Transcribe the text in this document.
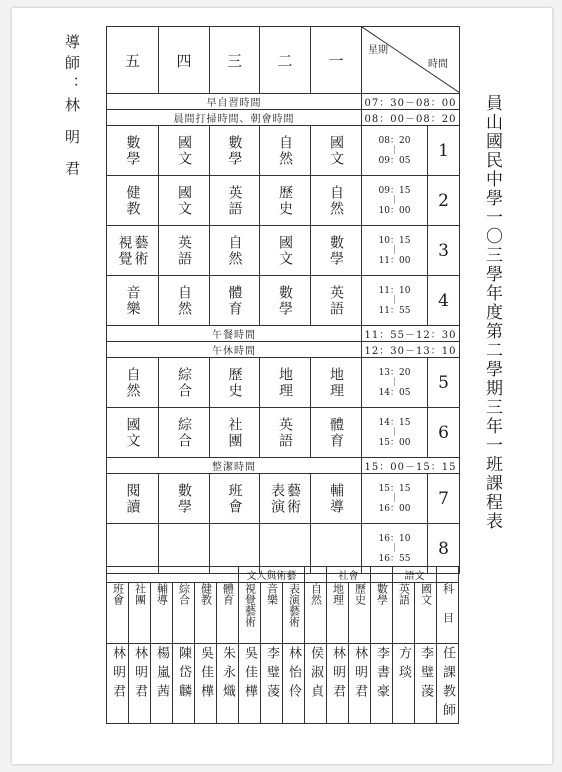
導師：林 明 君	員山國民中學一〇三學年度第二學期三年一班課程表
五	四	三	二	一	星期
時間	

早自習時間					07：30－08：00	
晨間打掃時間、朝會時間					08：00－08：20	

數學	國文	數學	自然	國文	08：20
｜
09：05	1

健教	國文	英語	歷史	自然	09：15
｜
10：00	2

藝術視覺	英語	自然	國文	數學	10：15
｜
11：00	3

音樂	自然	體育	數學	英語	11：10
｜
11：55	4
午餐時間					11：55－12：30	
午休時間					12：30－13：10	

自然	綜合	歷史	地理	地理	13：20
｜
14：05	5

國文	綜合	社團	英語	體育	14：15
｜
15：00	6
整潔時間					15：00－15：15	

閱讀	數學	班會	藝術表演	輔導	15：15
｜
16：00	7

					16：10
｜
16：55	8
						文人與術藝				社會			語文		

班會	社團	輔導	綜合	健教	體育	視覺藝術	音樂	表演藝術	自然	地理	歷史	數學	英語	國文	科
目

林明君	林明君	楊嵐茜	陳岱麟	吳佳樺	朱永熾	吳佳樺	李璧蓤	林怡伶	侯淑貞	林明君	林明君	李書豪	方琰	李璧蓤	任課教師
